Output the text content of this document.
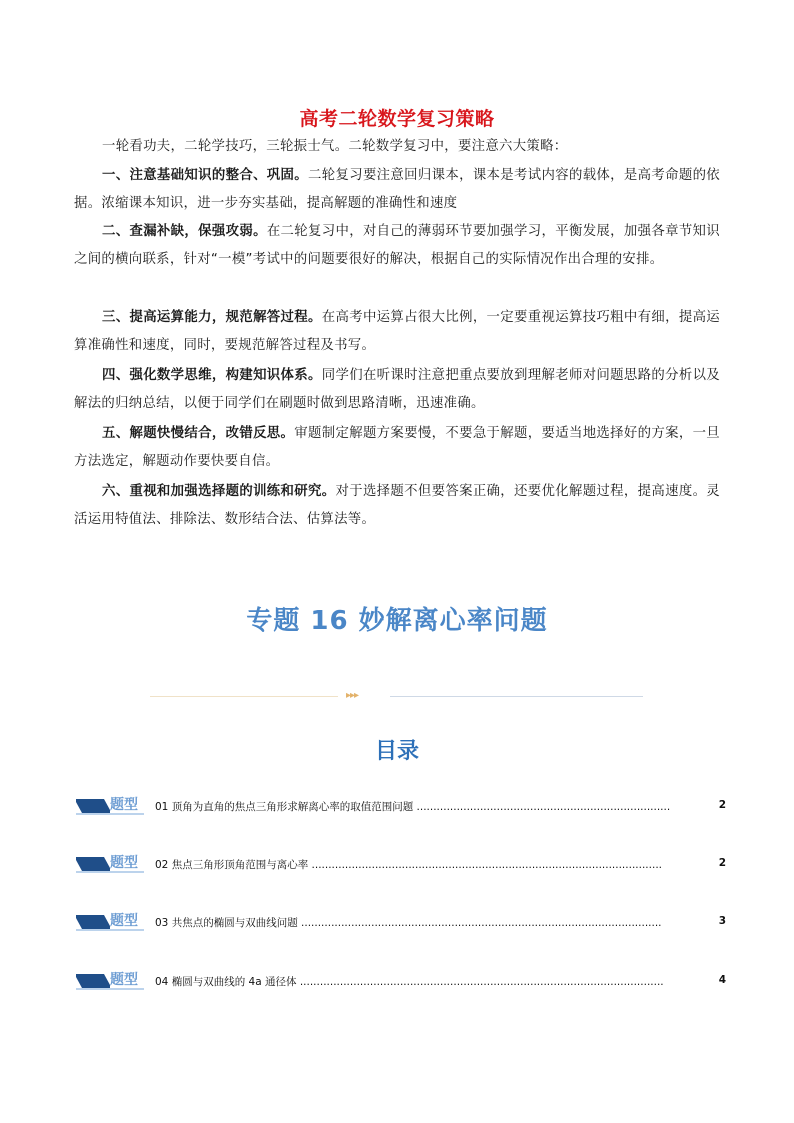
高考二轮数学复习策略

一轮看功夫，二轮学技巧，三轮振士气。二轮数学复习中，要注意六大策略：

一、注意基础知识的整合、巩固。二轮复习要注意回归课本，课本是考试内容的载体，是高考命题的依据。浓缩课本知识，进一步夯实基础，提高解题的准确性和速度

二、查漏补缺，保强攻弱。在二轮复习中，对自己的薄弱环节要加强学习，平衡发展，加强各章节知识之间的横向联系，针对“一模”考试中的问题要很好的解决，根据自己的实际情况作出合理的安排。

三、提高运算能力，规范解答过程。在高考中运算占很大比例，一定要重视运算技巧粗中有细，提高运算准确性和速度，同时，要规范解答过程及书写。

四、强化数学思维，构建知识体系。同学们在听课时注意把重点要放到理解老师对问题思路的分析以及解法的归纳总结，以便于同学们在刷题时做到思路清晰，迅速准确。

五、解题快慢结合，改错反思。审题制定解题方案要慢，不要急于解题，要适当地选择好的方案，一旦方法选定，解题动作要快要自信。

六、重视和加强选择题的训练和研究。对于选择题不但要答案正确，还要优化解题过程，提高速度。灵活运用特值法、排除法、数形结合法、估算法等。

专题 16 妙解离心率问题
▸▸▸
目录
题型 01 顶角为直角的焦点三角形求解离心率的取值范围问题 ............................................................................	2
题型 02 焦点三角形顶角范围与离心率 .........................................................................................................	2
题型 03 共焦点的椭圆与双曲线问题 ............................................................................................................	3
题型 04 椭圆与双曲线的 4a 通径体 .............................................................................................................	4
